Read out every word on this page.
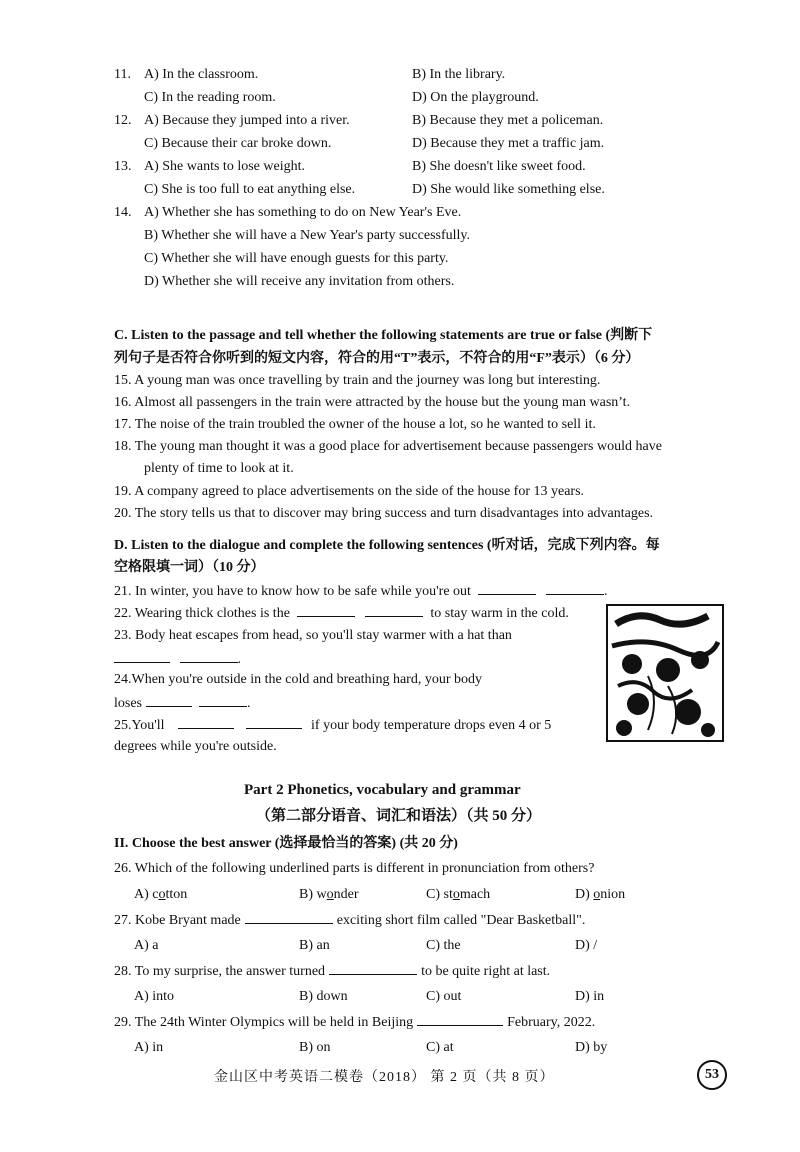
11. A) In the classroom.	B) In the library.
C) In the reading room.	D) On the playground.
12. A) Because they jumped into a river.	B) Because they met a policeman.
C) Because their car broke down.	D) Because they met a traffic jam.
13. A) She wants to lose weight.	B) She doesn't like sweet food.
C) She is too full to eat anything else.	D) She would like something else.
14. A) Whether she has something to do on New Year's Eve.
B) Whether she will have a New Year's party successfully.
C) Whether she will have enough guests for this party.
D) Whether she will receive any invitation from others.
C. Listen to the passage and tell whether the following statements are true or false (判断下
列句子是否符合你听到的短文内容，符合的用“T”表示，不符合的用“F”表示）（6 分）
15. A young man was once travelling by train and the journey was long but interesting.
16. Almost all passengers in the train were attracted by the house but the young man wasn’t.
17. The noise of the train troubled the owner of the house a lot, so he wanted to sell it.
18. The young man thought it was a good place for advertisement because passengers would have
plenty of time to look at it.
19. A company agreed to place advertisements on the side of the house for 13 years.
20. The story tells us that to discover may bring success and turn disadvantages into advantages.
D. Listen to the dialogue and complete the following sentences (听对话，完成下列内容。每
空格限填一词）（10 分）
21. In winter, you have to know how to be safe while you're out	.
22. Wearing thick clothes is the	to stay warm in the cold.
23. Body heat escapes from head, so you'll stay warmer with a hat than
.
24.When you're outside in the cold and breathing hard, your body
loses	.
25.You'll	if your body temperature drops even 4 or 5
degrees while you're outside.
Part 2 Phonetics, vocabulary and grammar
（第二部分语音、词汇和语法）（共 50 分）
II. Choose the best answer (选择最恰当的答案) (共 20 分)
26. Which of the following underlined parts is different in pronunciation from others?
A) cotton	B) wonder	C) stomach	D) onion
27. Kobe Bryant made	exciting short film called "Dear Basketball".
A) a	B) an	C) the	D) /
28. To my surprise, the answer turned	to be quite right at last.
A) into	B) down	C) out	D) in
29. The 24th Winter Olympics will be held in Beijing	February, 2022.
A) in	B) on	C) at	D) by
金山区中考英语二模卷（2018） 第 2 页（共 8 页）	53
